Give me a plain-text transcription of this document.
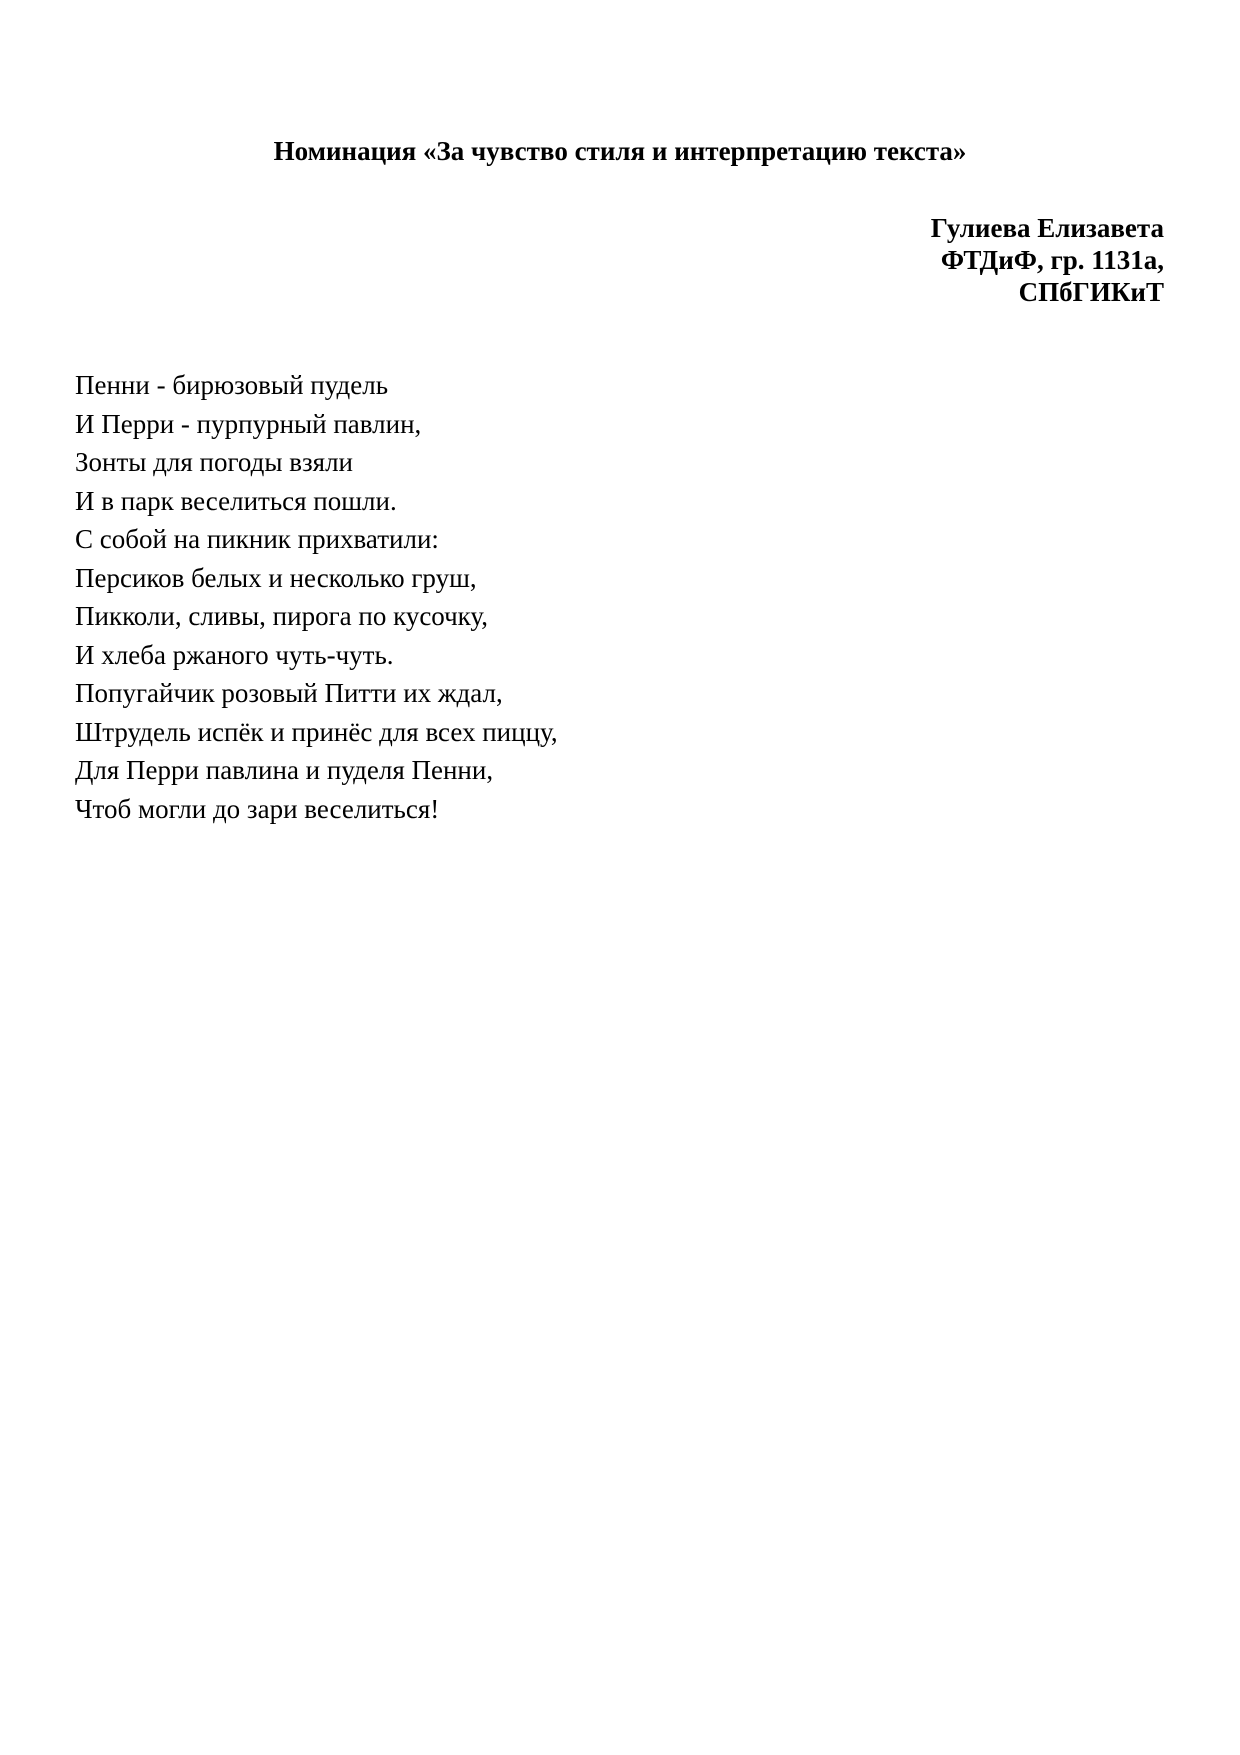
Номинация «За чувство стиля и интерпретацию текста»
Гулиева Елизавета
ФТДиФ, гр. 1131а,
СПбГИКиТ
Пенни - бирюзовый пудель
И Перри - пурпурный павлин,
Зонты для погоды взяли
И в парк веселиться пошли.
С собой на пикник прихватили:
Персиков белых и несколько груш,
Пикколи, сливы, пирога по кусочку,
И хлеба ржаного чуть-чуть.
Попугайчик розовый Питти их ждал,
Штрудель испёк и принёс для всех пиццу,
Для Перри павлина и пуделя Пенни,
Чтоб могли до зари веселиться!
